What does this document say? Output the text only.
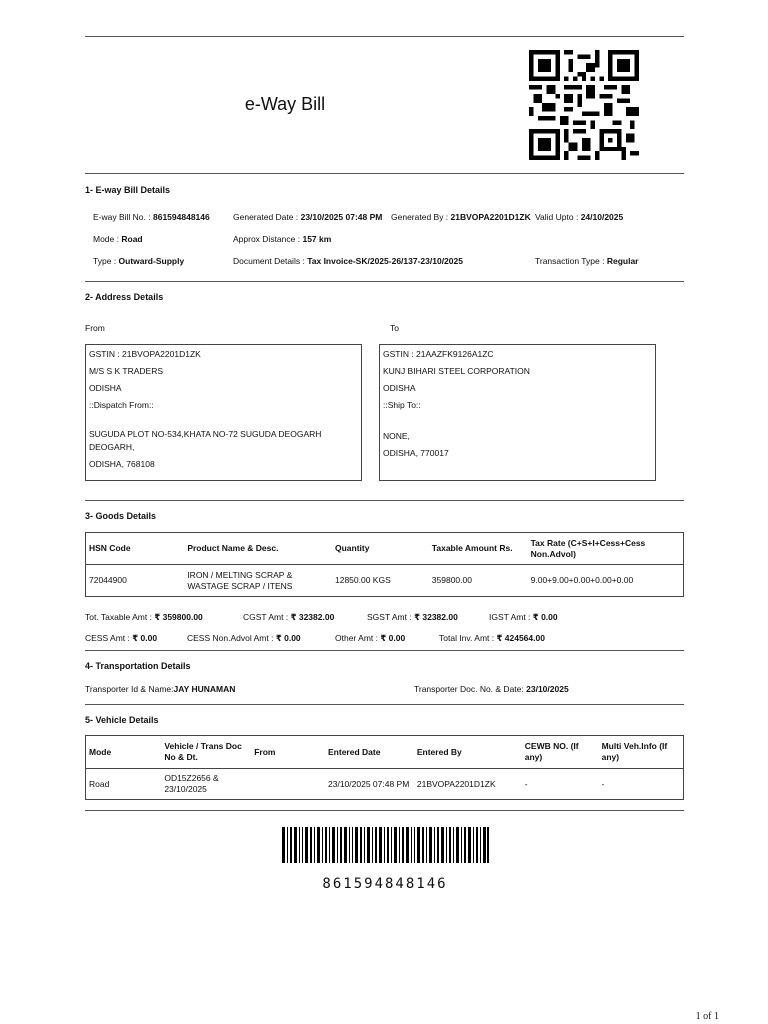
e-Way Bill
1- E-way Bill Details
E-way Bill No. : 861594848146	Generated Date : 23/10/2025 07:48 PM Generated By : 21BVOPA2201D1ZK Valid Upto : 24/10/2025
Mode : Road	Approx Distance : 157 km
Type : Outward-Supply	Document Details : Tax Invoice-SK/2025-26/137-23/10/2025	Transaction Type : Regular
2- Address Details
From	To
GSTIN : 21BVOPA2201D1ZK
M/S S K TRADERS
ODISHA
::Dispatch From::
SUGUDA PLOT NO-534,KHATA NO-72 SUGUDA DEOGARH
DEOGARH,
ODISHA, 768108
GSTIN : 21AAZFK9126A1ZC
KUNJ BIHARI STEEL CORPORATION
ODISHA
::Ship To::
NONE,
ODISHA, 770017
3- Goods Details
HSN Code	Product Name & Desc.	Quantity	Taxable Amount Rs.	Tax Rate (C+S+I+Cess+Cess Non.Advol)
72044900	IRON / MELTING SCRAP & WASTAGE SCRAP / ITENS	12850.00 KGS	359800.00	9.00+9.00+0.00+0.00+0.00
Tot. Taxable Amt : ₹ 359800.00	CGST Amt : ₹ 32382.00	SGST Amt : ₹ 32382.00	IGST Amt : ₹ 0.00
CESS Amt : ₹ 0.00	CESS Non.Advol Amt : ₹ 0.00	Other Amt : ₹ 0.00	Total Inv. Amt : ₹ 424564.00
4- Transportation Details
Transporter Id & Name:JAY HUNAMAN	Transporter Doc. No. & Date: 23/10/2025
5- Vehicle Details
Mode	Vehicle / Trans Doc No & Dt.	From	Entered Date	Entered By	CEWB NO. (If any)	Multi Veh.Info (If any)
Road	OD15Z2656 & 23/10/2025		23/10/2025 07:48 PM	21BVOPA2201D1ZK	-	-
861594848146
1 of 1
